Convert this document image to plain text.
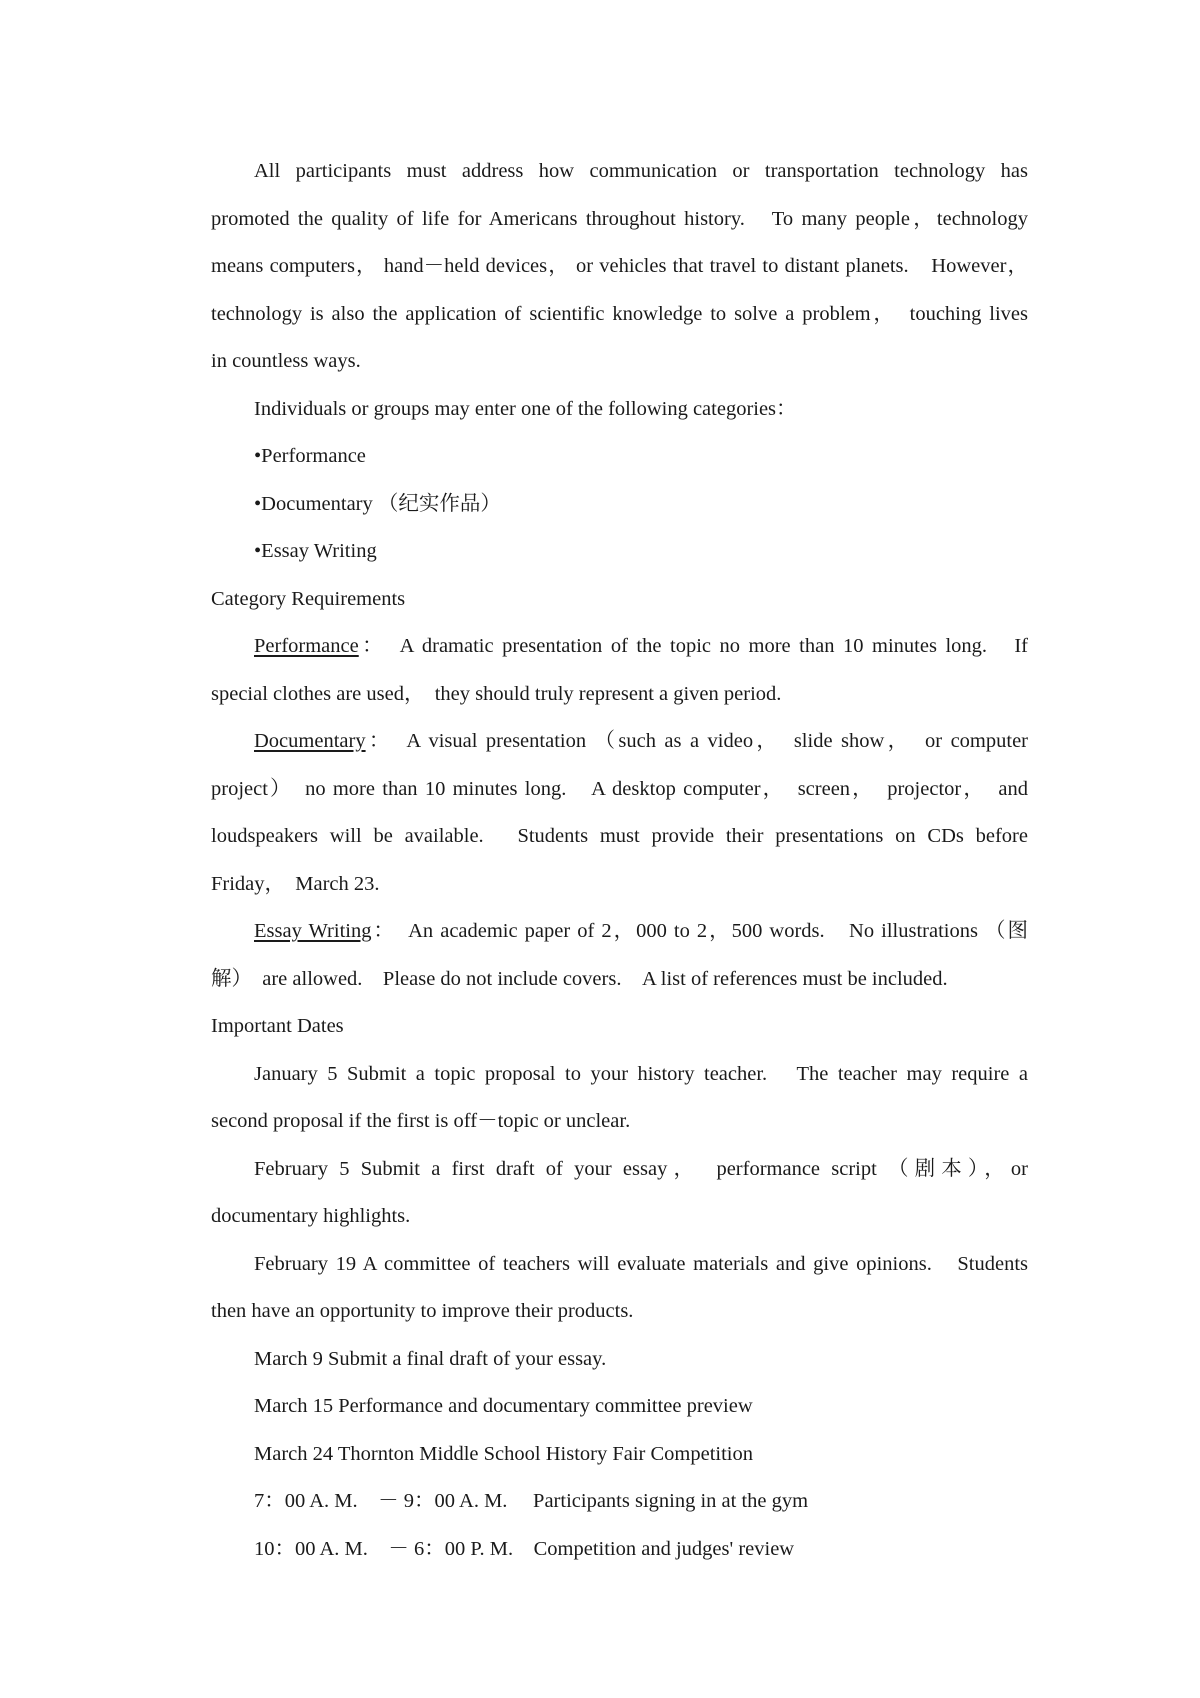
All participants must address how communication or transportation technology has
promoted the quality of life for Americans throughout history.　To many people，technology
means computers， hand－held devices， or vehicles that travel to distant planets.　However，
technology is also the application of scientific knowledge to solve a problem，　touching lives
in countless ways.
Individuals or groups may enter one of the following categories：
•Performance
•Documentary （纪实作品）
•Essay Writing
Category Requirements
Performance：　A dramatic presentation of the topic no more than 10 minutes long.　If
special clothes are used，　they should truly represent a given period.
Documentary：　A visual presentation （such as a video，　slide show，　or computer
project）　no more than 10 minutes long.　A desktop computer，　screen，　projector，　and
loudspeakers will be available.　Students must provide their presentations on CDs before
Friday，　March 23.
Essay Writing：　An academic paper of 2，000 to 2，500 words.　No illustrations （图
解）　are allowed.　Please do not include covers.　A list of references must be included.
Important Dates
January 5 Submit a topic proposal to your history teacher.　The teacher may require a
second proposal if the first is off－topic or unclear.
February 5 Submit a first draft of your essay，　performance script （剧本），or
documentary highlights.
February 19 A committee of teachers will evaluate materials and give opinions.　Students
then have an opportunity to improve their products.
March 9 Submit a final draft of your essay.
March 15 Performance and documentary committee preview
March 24 Thornton Middle School History Fair Competition
7：00 A. M.　－ 9：00 A. M.　 Participants signing in at the gym
10：00 A. M.　－ 6：00 P. M.　Competition and judges' review
